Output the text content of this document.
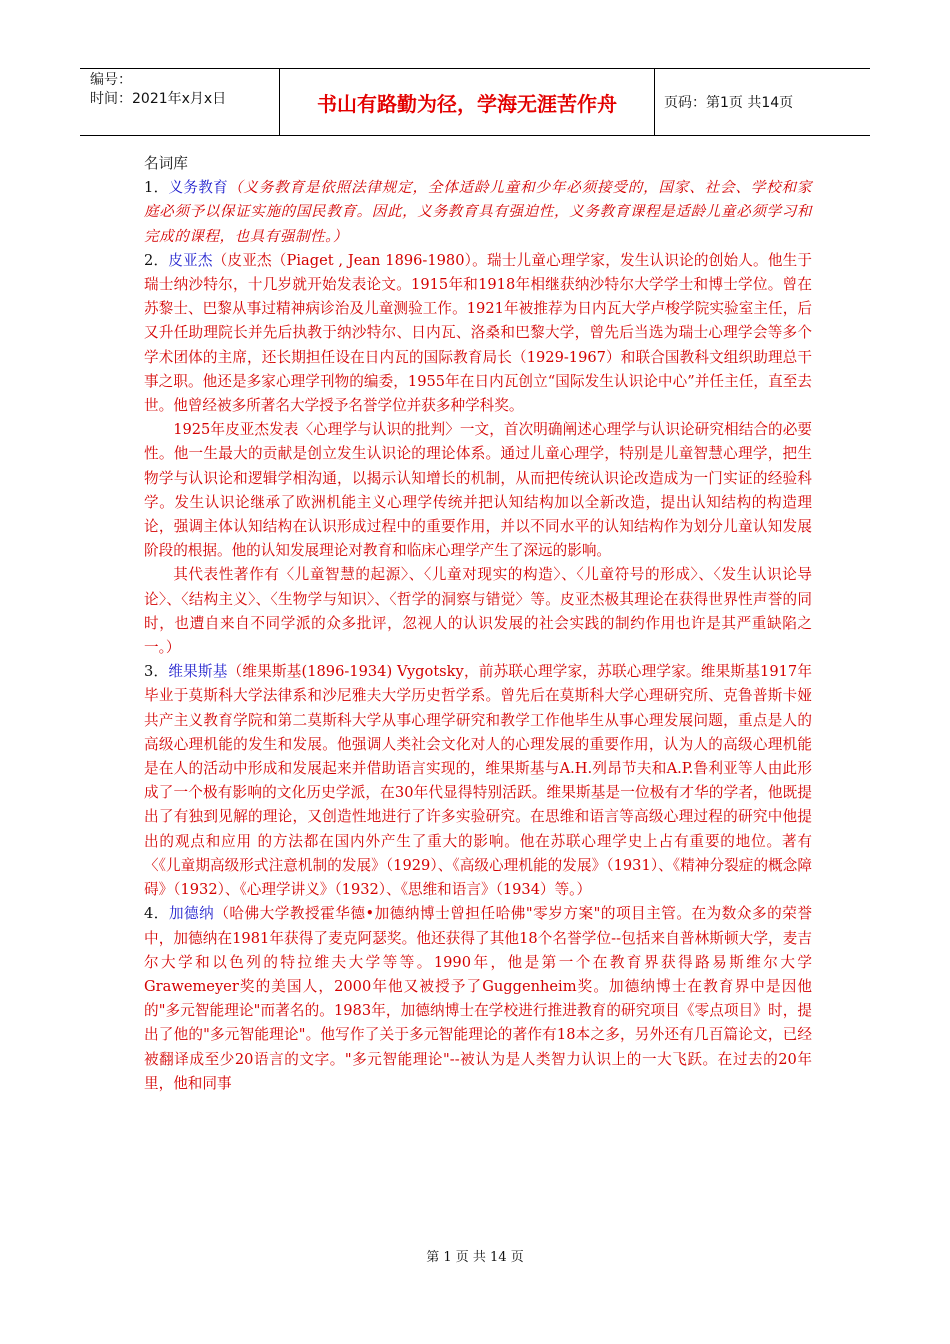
编号：
时间：2021年x月x日	书山有路勤为径，学海无涯苦作舟	页码：第1页 共14页

名词库

1．义务教育（义务教育是依照法律规定，全体适龄儿童和少年必须接受的，国家、社会、学校和家庭必须予以保证实施的国民教育。因此，义务教育具有强迫性，义务教育课程是适龄儿童必须学习和完成的课程，也具有强制性。）

2．皮亚杰（皮亚杰（Piaget , Jean 1896-1980）。瑞士儿童心理学家，发生认识论的创始人。他生于瑞士纳沙特尔，十几岁就开始发表论文。1915年和1918年相继获纳沙特尔大学学士和博士学位。曾在苏黎士、巴黎从事过精神病诊治及儿童测验工作。1921年被推荐为日内瓦大学卢梭学院实验室主任，后又升任助理院长并先后执教于纳沙特尔、日内瓦、洛桑和巴黎大学，曾先后当选为瑞士心理学会等多个学术团体的主席，还长期担任设在日内瓦的国际教育局长（1929-1967）和联合国教科文组织助理总干事之职。他还是多家心理学刊物的编委，1955年在日内瓦创立“国际发生认识论中心”并任主任，直至去世。他曾经被多所著名大学授予名誉学位并获多种学科奖。

1925年皮亚杰发表〈心理学与认识的批判〉一文，首次明确阐述心理学与认识论研究相结合的必要性。他一生最大的贡献是创立发生认识论的理论体系。通过儿童心理学，特别是儿童智慧心理学，把生物学与认识论和逻辑学相沟通，以揭示认知增长的机制，从而把传统认识论改造成为一门实证的经验科学。发生认识论继承了欧洲机能主义心理学传统并把认知结构加以全新改造，提出认知结构的构造理论，强调主体认知结构在认识形成过程中的重要作用，并以不同水平的认知结构作为划分儿童认知发展阶段的根据。他的认知发展理论对教育和临床心理学产生了深远的影响。

其代表性著作有〈儿童智慧的起源〉、〈儿童对现实的构造〉、〈儿童符号的形成〉、〈发生认识论导论〉、〈结构主义〉、〈生物学与知识〉、〈哲学的洞察与错觉〉等。皮亚杰极其理论在获得世界性声誉的同时，也遭自来自不同学派的众多批评，忽视人的认识发展的社会实践的制约作用也许是其严重缺陷之一。）

3．维果斯基（维果斯基(1896-1934) Vygotsky，前苏联心理学家，苏联心理学家。维果斯基1917年毕业于莫斯科大学法律系和沙尼雅夫大学历史哲学系。曾先后在莫斯科大学心理研究所、克鲁普斯卡娅共产主义教育学院和第二莫斯科大学从事心理学研究和教学工作他毕生从事心理发展问题，重点是人的高级心理机能的发生和发展。他强调人类社会文化对人的心理发展的重要作用，认为人的高级心理机能是在人的活动中形成和发展起来并借助语言实现的，维果斯基与A.H.列昂节夫和A.P.鲁利亚等人由此形成了一个极有影响的文化历史学派，在30年代显得特别活跃。维果斯基是一位极有才华的学者，他既提出了有独到见解的理论，又创造性地进行了许多实验研究。在思维和语言等高级心理过程的研究中他提出的观点和应用 的方法都在国内外产生了重大的影响。他在苏联心理学史上占有重要的地位。著有〈《儿童期高级形式注意机制的发展》（1929）、《高级心理机能的发展》（1931）、《精神分裂症的概念障碍》（1932）、《心理学讲义》（1932）、《思维和语言》（1934）等。）

4．加德纳（哈佛大学教授霍华德•加德纳博士曾担任哈佛"零岁方案"的项目主管。在为数众多的荣誉中，加德纳在1981年获得了麦克阿瑟奖。他还获得了其他18个名誉学位--包括来自普林斯顿大学，麦吉尔大学和以色列的特拉维夫大学等等。1990年，他是第一个在教育界获得路易斯维尔大学Grawemeyer奖的美国人，2000年他又被授予了Guggenheim奖。加德纳博士在教育界中是因他的"多元智能理论"而著名的。1983年，加德纳博士在学校进行推进教育的研究项目《零点项目》时，提出了他的"多元智能理论"。他写作了关于多元智能理论的著作有18本之多，另外还有几百篇论文，已经被翻译成至少20语言的文字。"多元智能理论"--被认为是人类智力认识上的一大飞跃。在过去的20年里，他和同事

第 1 页 共 14 页
